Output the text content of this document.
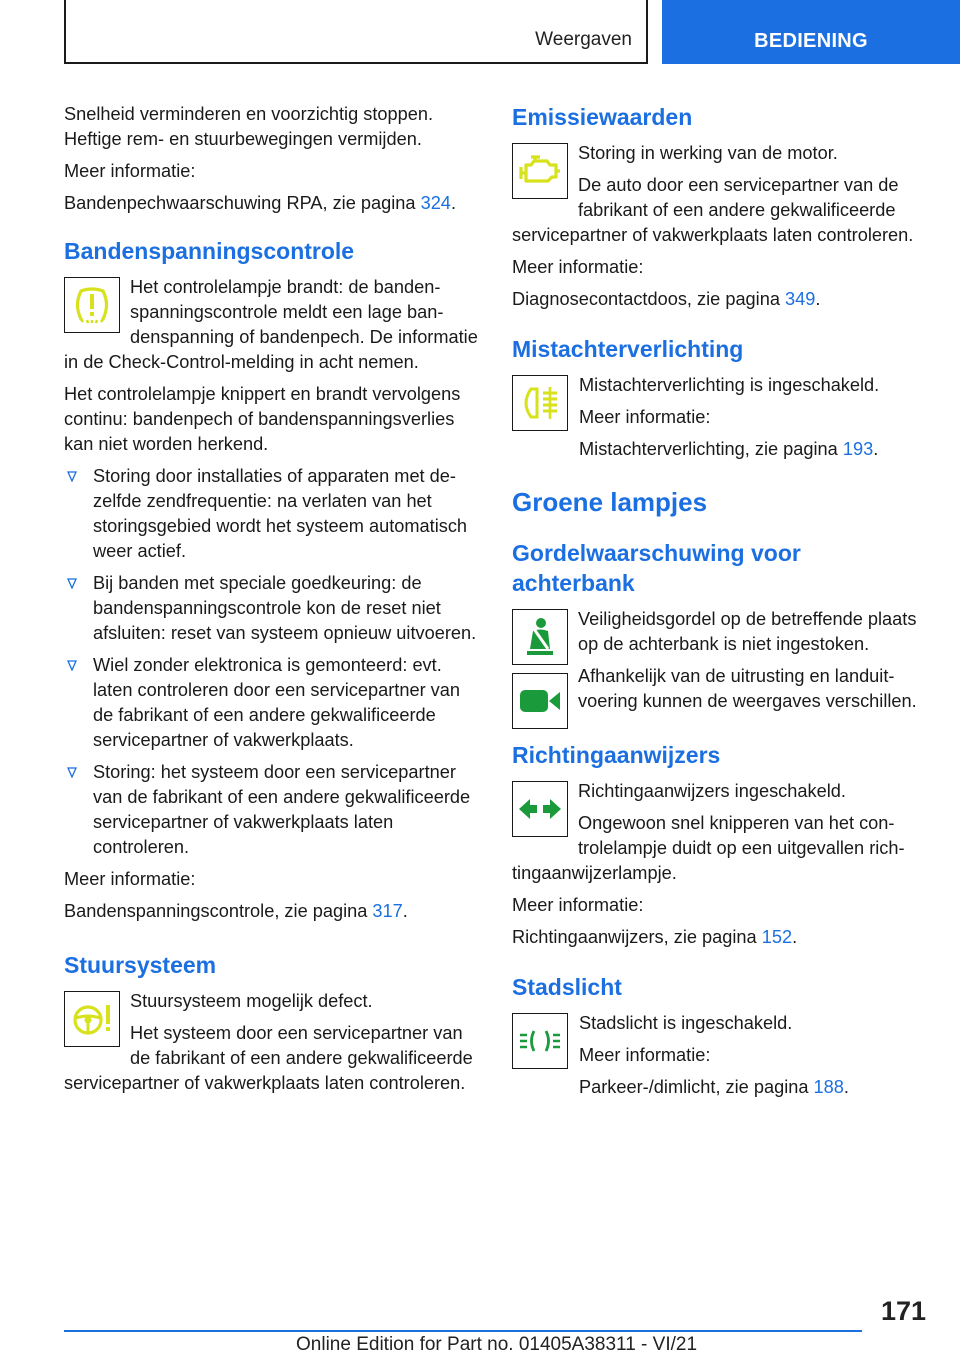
Weergaven	BEDIENING

Snelheid verminderen en voorzichtig stoppen. Heftige rem- en stuurbewegingen vermijden.

Meer informatie:

Bandenpechwaarschuwing RPA, zie pagina 324.

Bandenspanningscontrole

Het controlelampje brandt: de bandenspanningscontrole meldt een lage bandenspanning of bandenpech. De informatie in de Check-Control-melding in acht nemen.

Het controlelampje knippert en brandt vervolgens continu: bandenpech of bandenspanningsverlies kan niet worden herkend.

Storing door installaties of apparaten met dezelfde zendfrequentie: na verlaten van het storingsgebied wordt het systeem automatisch weer actief.
Bij banden met speciale goedkeuring: de bandenspanningscontrole kon de reset niet afsluiten: reset van systeem opnieuw uitvoeren.
Wiel zonder elektronica is gemonteerd: evt. laten controleren door een servicepartner van de fabrikant of een andere gekwalificeerde servicepartner of vakwerkplaats.
Storing: het systeem door een servicepartner van de fabrikant of een andere gekwalificeerde servicepartner of vakwerkplaats laten controleren.

Meer informatie:

Bandenspanningscontrole, zie pagina 317.

Stuursysteem

Stuursysteem mogelijk defect.

Het systeem door een servicepartner van de fabrikant of een andere gekwalificeerde servicepartner of vakwerkplaats laten controleren.

Emissiewaarden

Storing in werking van de motor.

De auto door een servicepartner van de fabrikant of een andere gekwalificeerde servicepartner of vakwerkplaats laten controleren.

Meer informatie:

Diagnosecontactdoos, zie pagina 349.

Mistachterverlichting

Mistachterverlichting is ingeschakeld.

Meer informatie:

Mistachterverlichting, zie pagina 193.

Groene lampjes
Gordelwaarschuwing voor achterbank

Veiligheidsgordel op de betreffende plaats op de achterbank is niet ingestoken.

Afhankelijk van de uitrusting en landuitvoering kunnen de weergaves verschillen.

Richtingaanwijzers

Richtingaanwijzers ingeschakeld.

Ongewoon snel knipperen van het controlelampje duidt op een uitgevallen richtingaanwijzerlampje.

Meer informatie:

Richtingaanwijzers, zie pagina 152.

Stadslicht

Stadslicht is ingeschakeld.

Meer informatie:

Parkeer-/dimlicht, zie pagina 188.

171
Online Edition for Part no. 01405A38311 - VI/21
